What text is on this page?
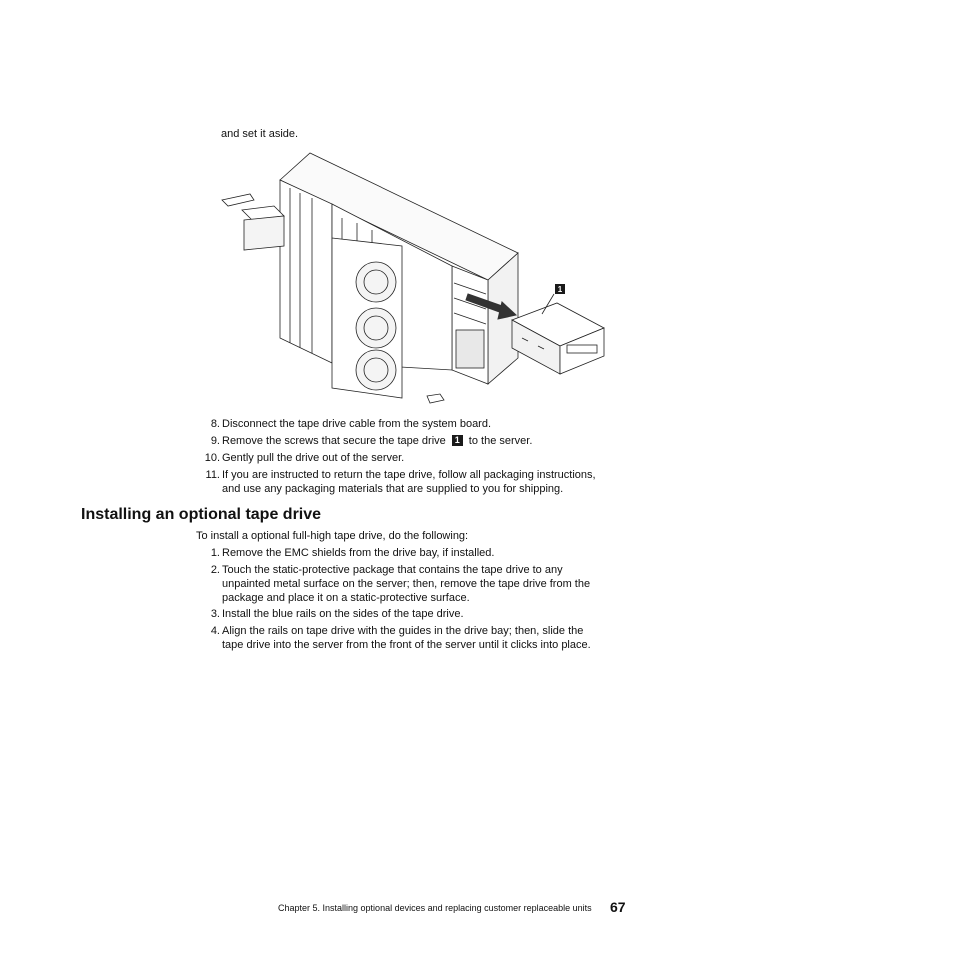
and set it aside.
1
8. Disconnect the tape drive cable from the system board.
9. Remove the screws that secure the tape drive 1 to the server.
10. Gently pull the drive out of the server.
11. If you are instructed to return the tape drive, follow all packaging instructions,
and use any packaging materials that are supplied to you for shipping.
Installing an optional tape drive
To install a optional full-high tape drive, do the following:
1. Remove the EMC shields from the drive bay, if installed.
2. Touch the static-protective package that contains the tape drive to any
unpainted metal surface on the server; then, remove the tape drive from the
package and place it on a static-protective surface.
3. Install the blue rails on the sides of the tape drive.
4. Align the rails on tape drive with the guides in the drive bay; then, slide the
tape drive into the server from the front of the server until it clicks into place.
Chapter 5. Installing optional devices and replacing customer replaceable units 67
